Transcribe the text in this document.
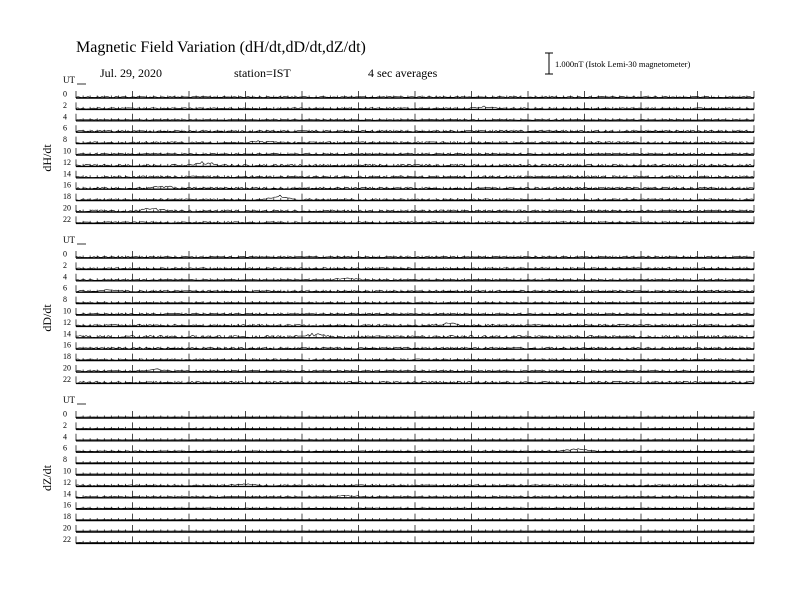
Magnetic Field Variation (dH/dt,dD/dt,dZ/dt)
Jul. 29, 2020	station=IST	4 sec averages
1.000nT (Istok Lemi-30 magnetometer)
UT
dH/dt
0
2
4
6
8
10
12
14
16
18
20
22
UT
dD/dt
0
2
4
6
8
10
12
14
16
18
20
22
UT
dZ/dt
0
2
4
6
8
10
12
14
16
18
20
22
